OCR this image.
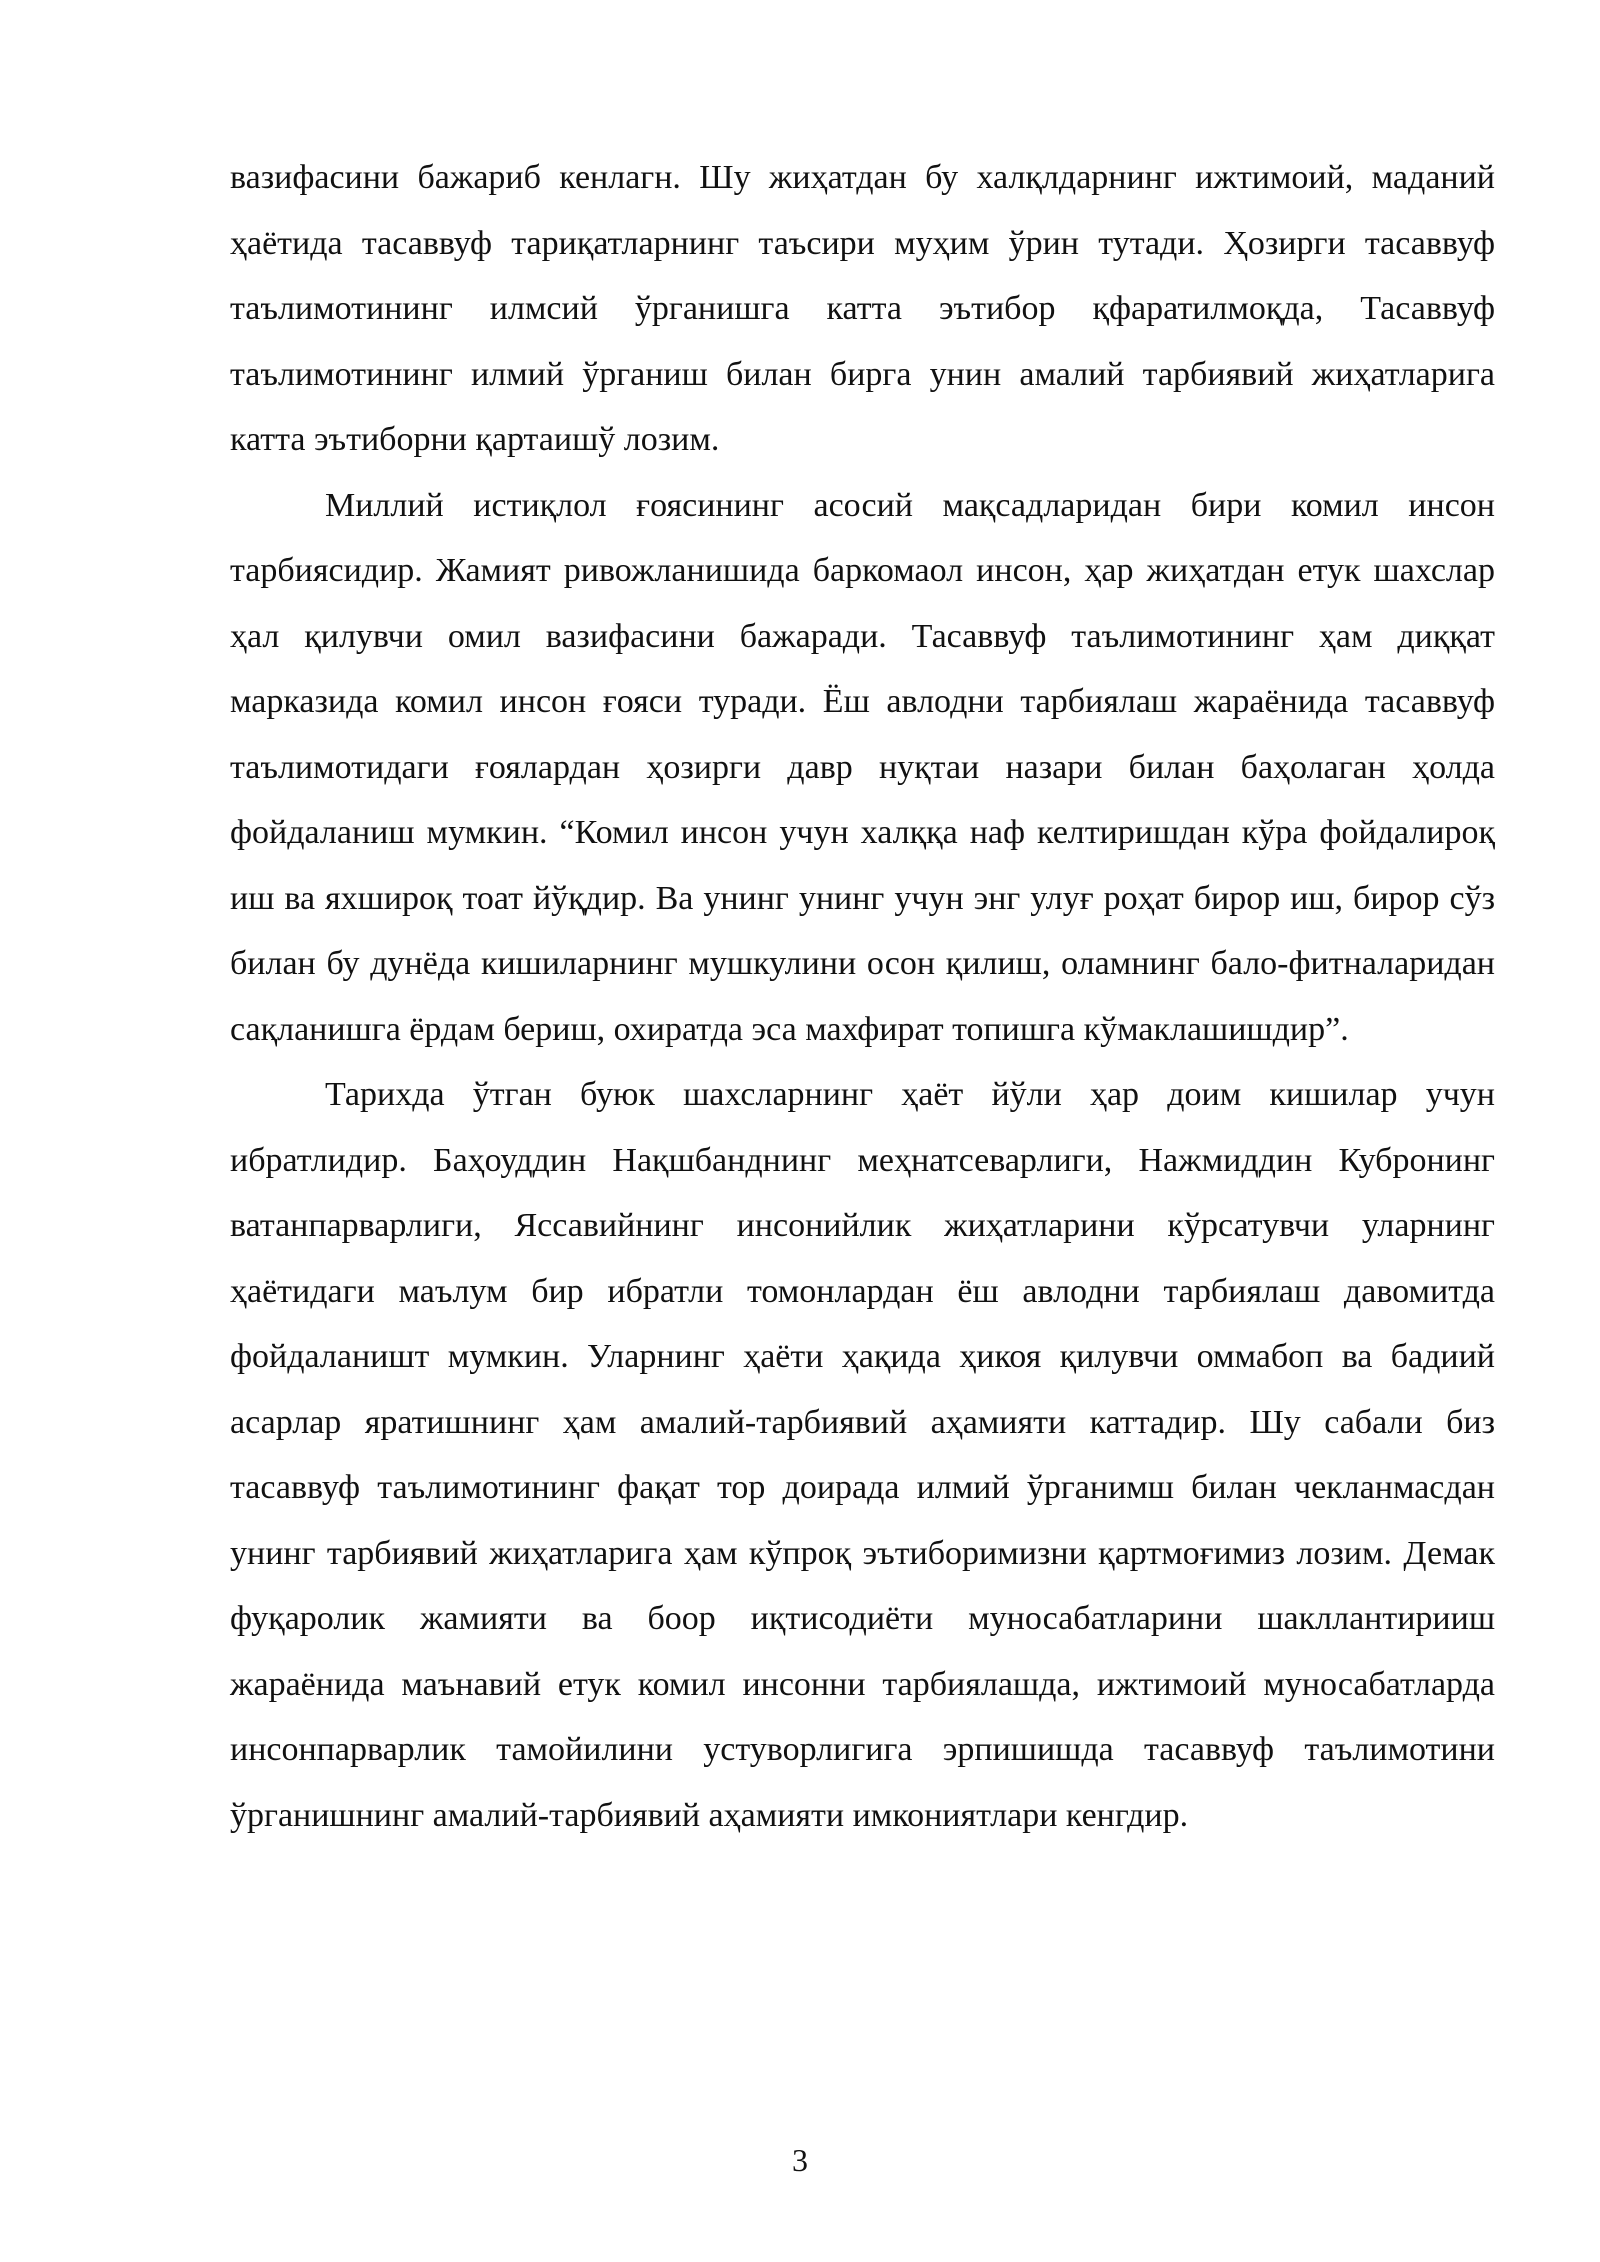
вазифасини бажариб кенлагн. Шу жиҳатдан бу халқлдарнинг ижтимоий, маданий ҳаётида тасаввуф тариқатларнинг таъсири муҳим ўрин тутади. Ҳозирги тасаввуф таълимотининг илмсий ўрганишга катта эътибор қфаратилмоқда, Тасаввуф таълимотининг илмий ўрганиш билан бирга унин амалий тарбиявий жиҳатларига катта эътиборни қартаишў лозим.

Миллий истиқлол ғоясининг асосий мақсадларидан бири комил инсон тарбиясидир. Жамият ривожланишида баркомаол инсон, ҳар жиҳатдан етук шахслар ҳал қилувчи омил вазифасини бажаради. Тасаввуф таълимотининг ҳам диққат марказида комил инсон ғояси туради. Ёш авлодни тарбиялаш жараёнида тасаввуф таълимотидаги ғоялардан ҳозирги давр нуқтаи назари билан баҳолаган ҳолда фойдаланиш мумкин. “Комил инсон учун халққа наф келтиришдан кўра фойдалироқ иш ва яхшироқ тоат йўқдир. Ва унинг унинг учун энг улуғ роҳат бирор иш, бирор сўз билан бу дунёда кишиларнинг мушкулини осон қилиш, оламнинг бало-фитналаридан сақланишга ёрдам бериш, охиратда эса махфират топишга кўмаклашишдир”.

Тарихда ўтган буюк шахсларнинг ҳаёт йўли ҳар доим кишилар учун ибратлидир. Баҳоуддин Нақшбанднинг меҳнатсеварлиги, Нажмиддин Кубронинг ватанпарварлиги, Яссавийнинг инсонийлик жиҳатларини кўрсатувчи уларнинг ҳаётидаги маълум бир ибратли томонлардан ёш авлодни тарбиялаш давомитда фойдаланишт мумкин. Уларнинг ҳаёти ҳақида ҳикоя қилувчи оммабоп ва бадиий асарлар яратишнинг ҳам амалий-тарбиявий аҳамияти каттадир. Шу сабали биз тасаввуф таълимотининг фақат тор доирада илмий ўрганимш билан чекланмасдан унинг тарбиявий жиҳатларига ҳам кўпроқ эътиборимизни қартмоғимиз лозим. Демак фуқаролик жамияти ва боор иқтисодиёти муносабатларини шакллантирииш жараёнида маънавий етук комил инсонни тарбиялашда, ижтимоий муносабатларда инсонпарварлик тамойилини устуворлигига эрпишишда тасаввуф таълимотини ўрганишнинг амалий-тарбиявий аҳамияти имкониятлари кенгдир.

3
